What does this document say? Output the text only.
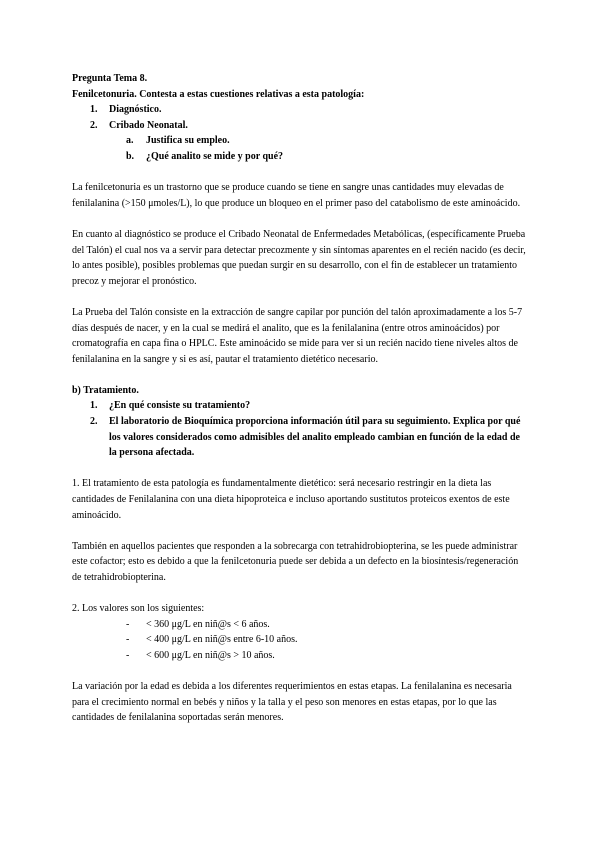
Pregunta Tema 8.

Fenilcetonuria. Contesta a estas cuestiones relativas a esta patología:

1.	Diagnóstico.
2.	Cribado Neonatal.
a.	Justifica su empleo.
b.	¿Qué analito se mide y por qué?

La fenilcetonuria es un trastorno que se produce cuando se tiene en sangre unas cantidades muy elevadas de fenilalanina (>150 μmoles/L), lo que produce un bloqueo en el primer paso del catabolismo de este aminoácido.

En cuanto al diagnóstico se produce el Cribado Neonatal de Enfermedades Metabólicas, (específicamente Prueba del Talón) el cual nos va a servir para detectar precozmente y sin síntomas aparentes en el recién nacido (es decir, lo antes posible), posibles problemas que puedan surgir en su desarrollo, con el fin de establecer un tratamiento precoz y mejorar el pronóstico.

La Prueba del Talón consiste en la extracción de sangre capilar por punción del talón aproximadamente a los 5-7 días después de nacer, y en la cual se medirá el analito, que es la fenilalanina (entre otros aminoácidos) por cromatografía en capa fina o HPLC. Este aminoácido se mide para ver si un recién nacido tiene niveles altos de fenilalanina en la sangre y si es así, pautar el tratamiento dietético necesario.

b) Tratamiento.

1.	¿En qué consiste su tratamiento?
2.	El laboratorio de Bioquímica proporciona información útil para su seguimiento. Explica por qué los valores considerados como admisibles del analito empleado cambian en función de la edad de la persona afectada.

1. El tratamiento de esta patología es fundamentalmente dietético: será necesario restringir en la dieta las cantidades de Fenilalanina con una dieta hipoproteica e incluso aportando sustitutos proteicos exentos de este aminoácido.

También en aquellos pacientes que responden a la sobrecarga con tetrahidrobiopterina, se les puede administrar este cofactor; esto es debido a que la fenilcetonuria puede ser debida a un defecto en la biosíntesis/regeneración de tetrahidrobiopterina.

2. Los valores son los siguientes:

-	< 360 μg/L en niñ@s < 6 años.
-	< 400 μg/L en niñ@s entre 6-10 años.
-	< 600 μg/L en niñ@s > 10 años.

La variación por la edad es debida a los diferentes requerimientos en estas etapas. La fenilalanina es necesaria para el crecimiento normal en bebés y niños y la talla y el peso son menores en estas etapas, por lo que las cantidades de fenilalanina soportadas serán menores.
